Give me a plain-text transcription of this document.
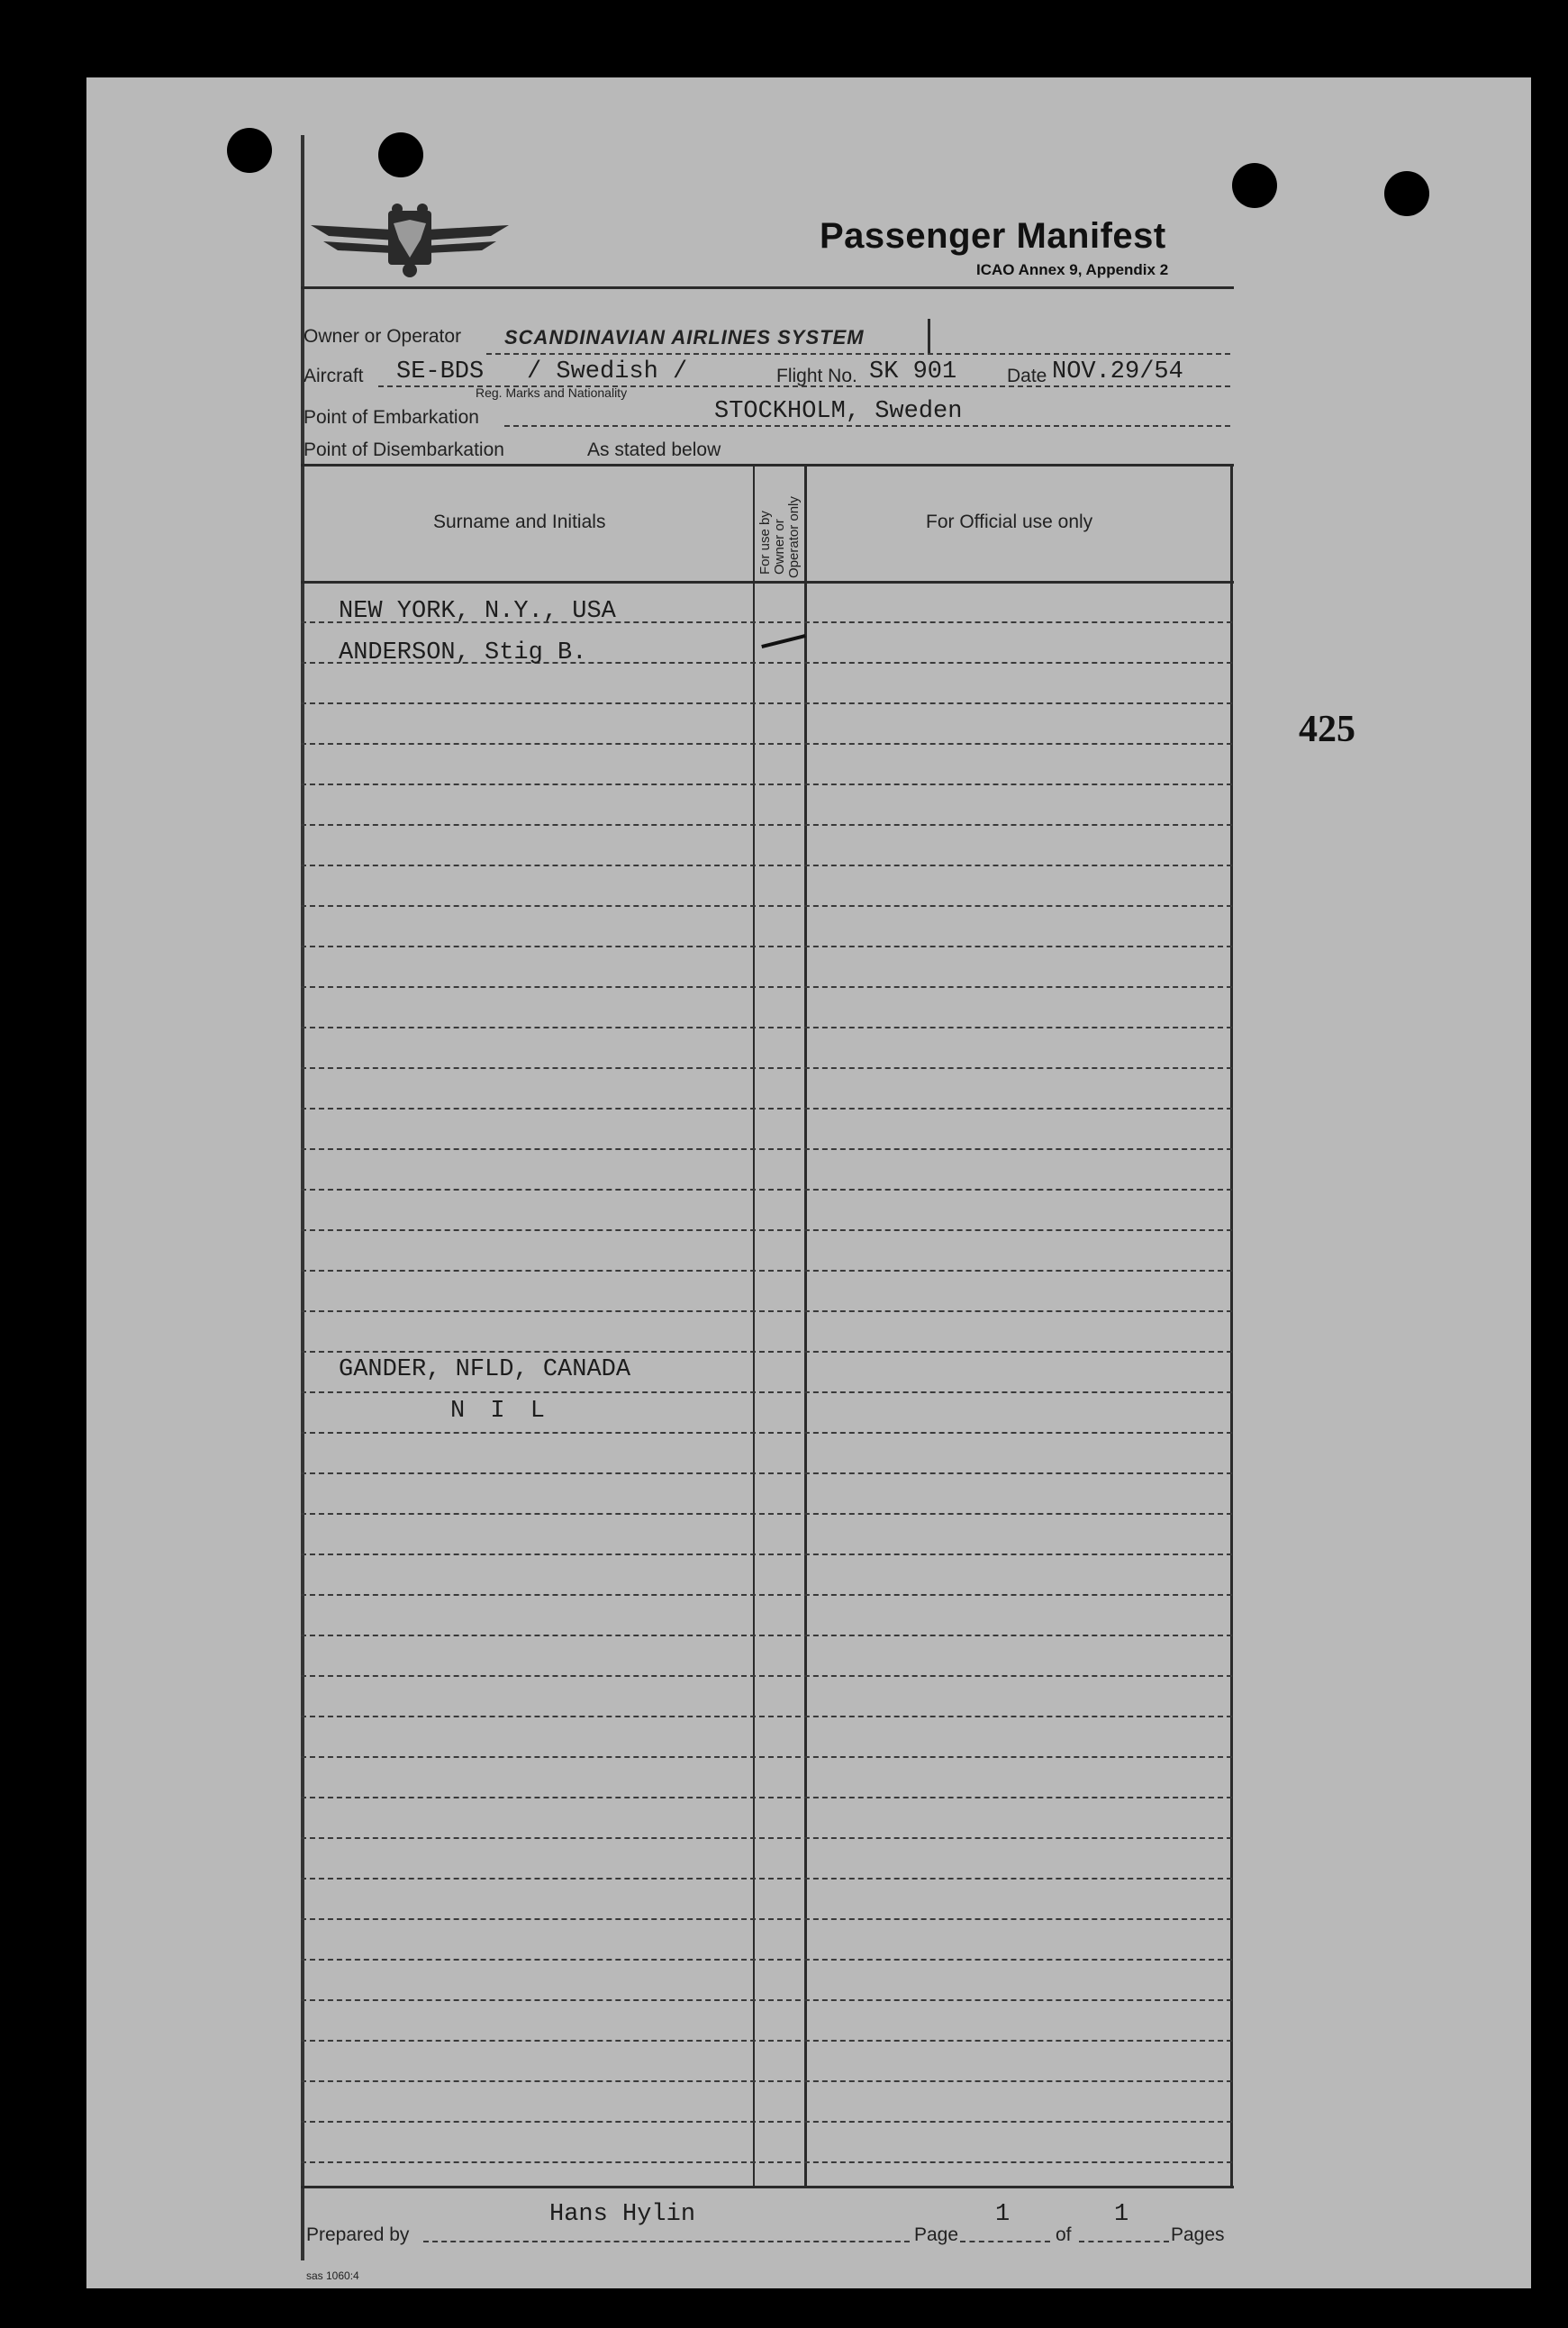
Passenger Manifest
ICAO Annex 9, Appendix 2
Owner or Operator SCANDINAVIAN AIRLINES SYSTEM
Aircraft SE-BDS / Swedish /
Reg. Marks and Nationality
Flight No. SK 901	Date NOV.29/54
Point of Embarkation	STOCKHOLM, Sweden
Point of Disembarkation	As stated below
Surname and Initials	For use by Owner or Operator only	For Official use only
NEW YORK, N.Y., USA
ANDERSON, Stig B.
GANDER, NFLD, CANADA
N I L
425
Prepared by
Hans Hylin
Page
1
of
1
Pages
sas 1060:4
